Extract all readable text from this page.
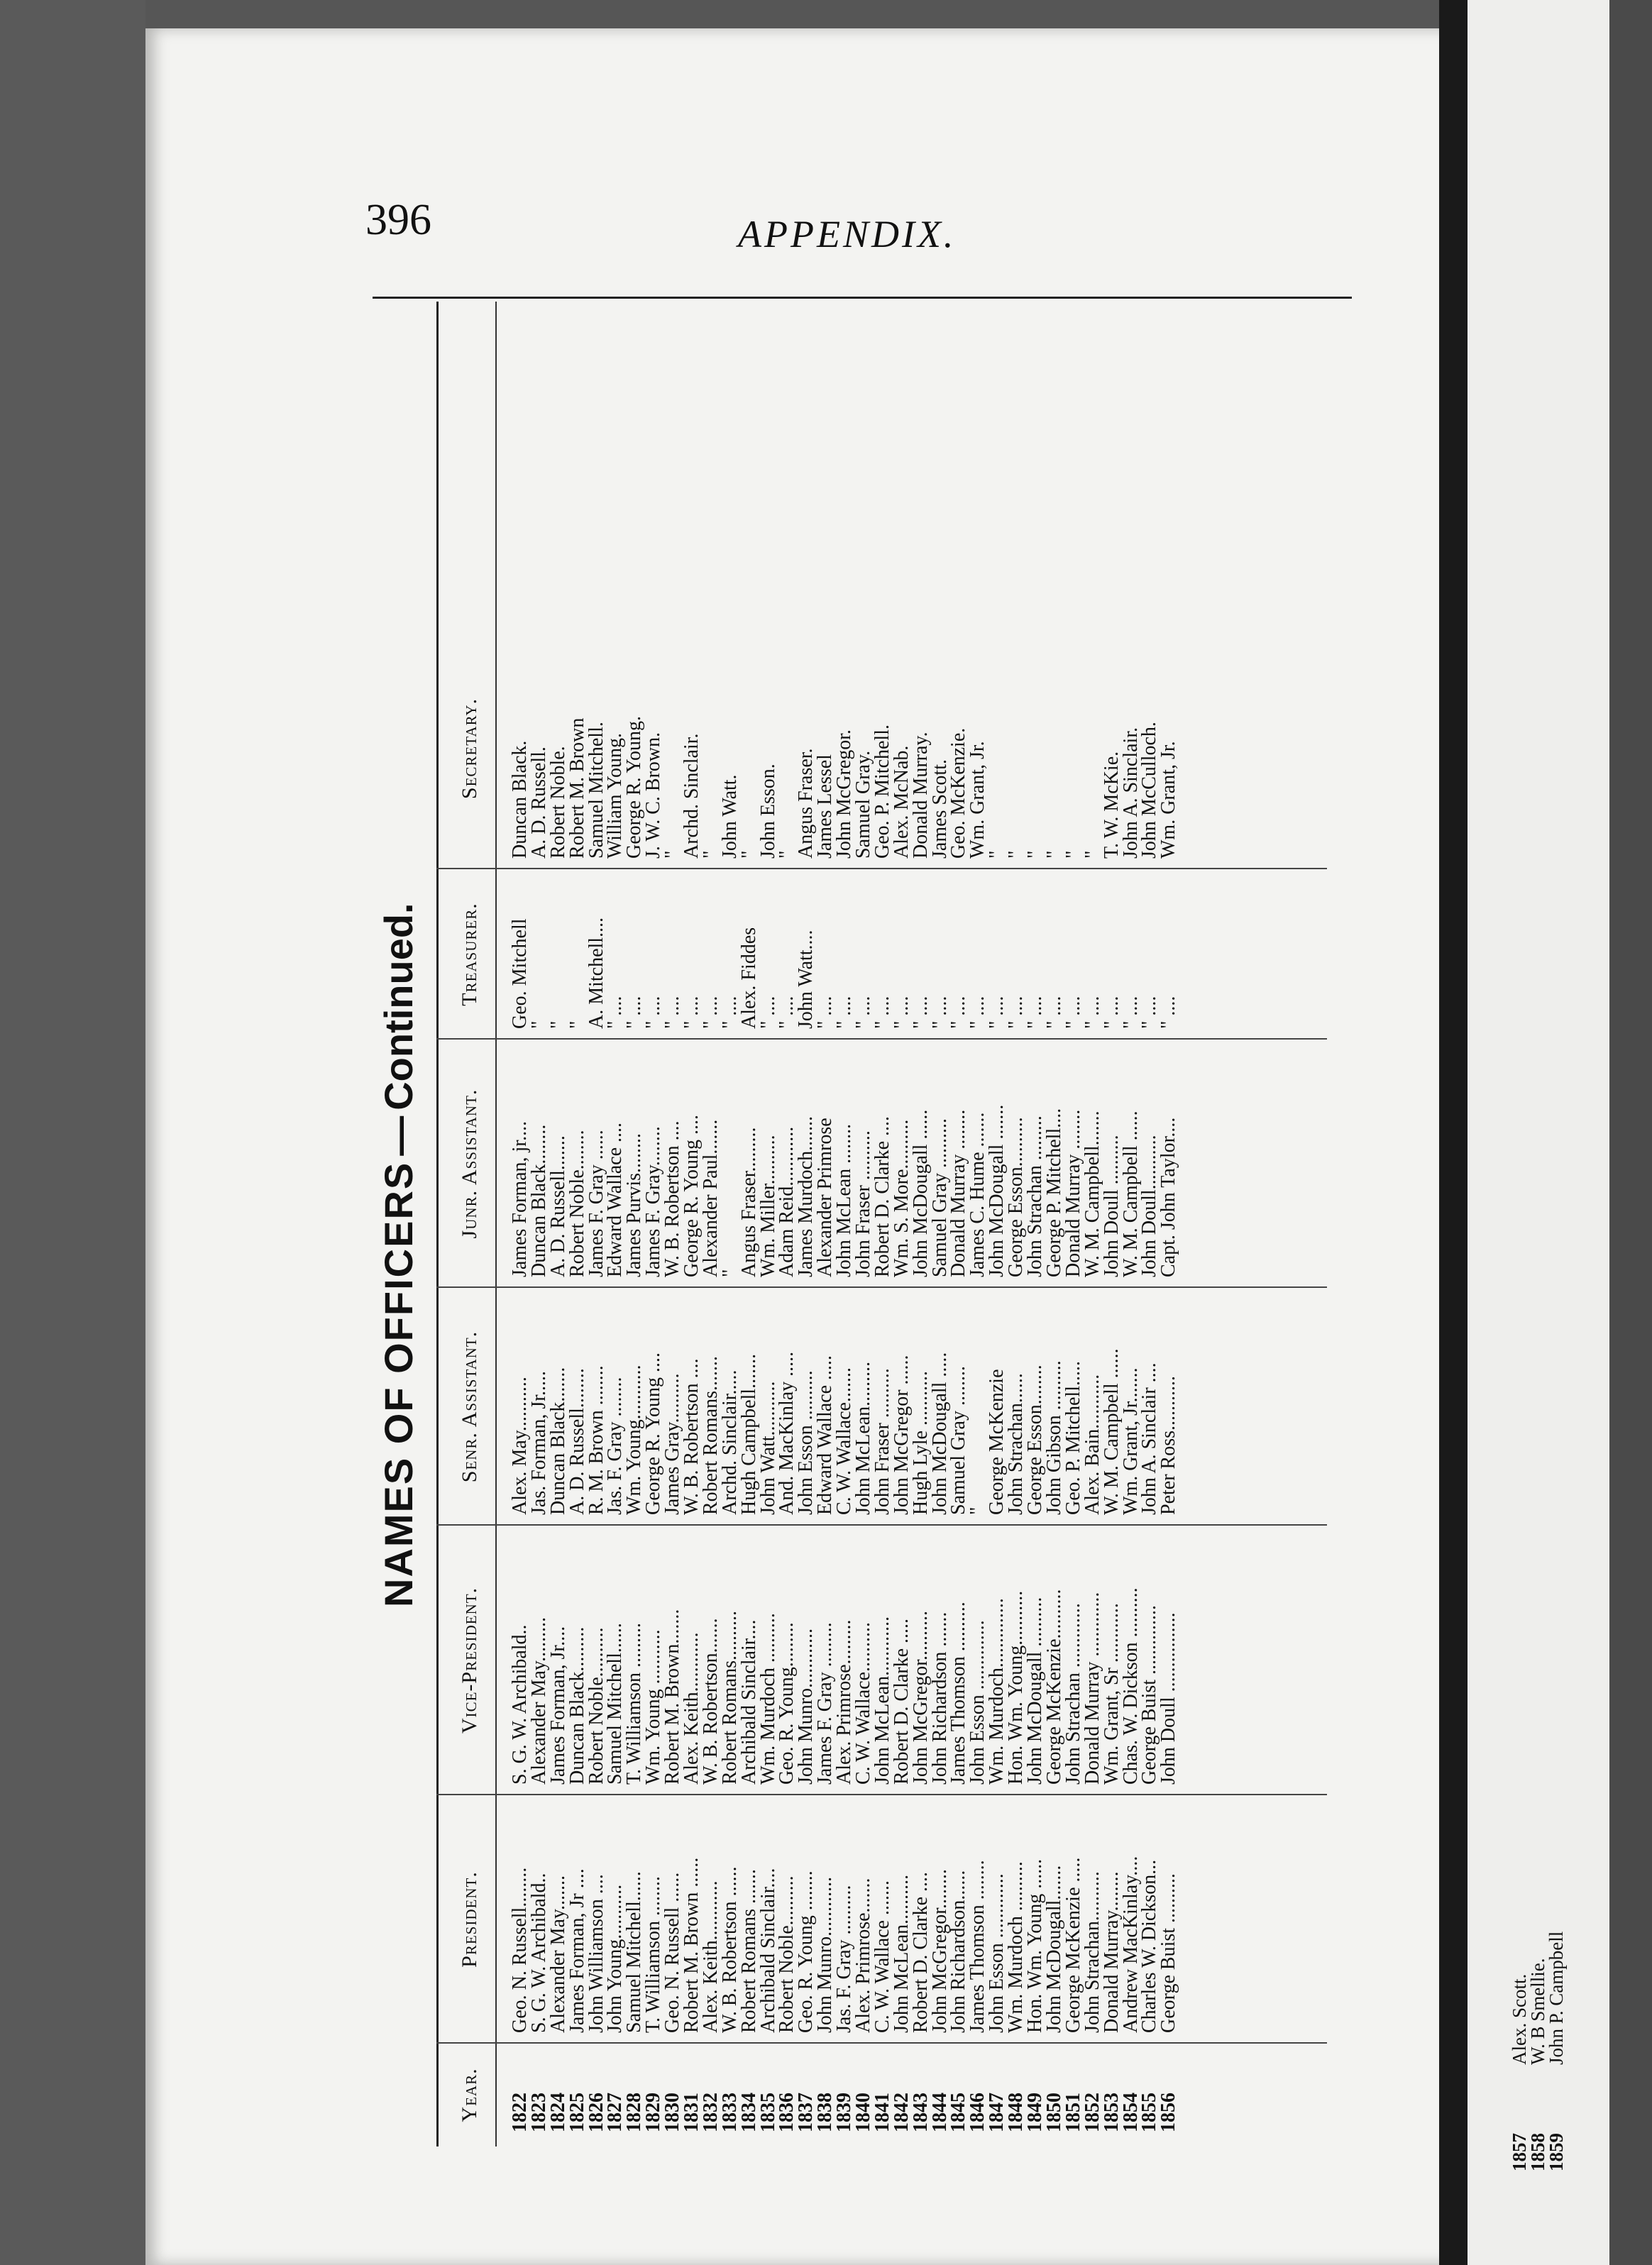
396	APPENDIX.
NAMES OF OFFICERS—Continued.
Year.
President.
Vice-President.
Senr. Assistant.
Junr. Assistant.
Treasurer.
Secretary.
1822
1823
1824
1825
1826
1827
1828
1829
1830
1831
1832
1833
1834
1835
1836
1837
1838
1839
1840
1841
1842
1843
1844
1845
1846
1847
1848
1849
1850
1851
1852
1853
1854
1855
1856
Geo. N. Russell........
S. G. W. Archibald..
Alexander May.......
James Forman, Jr ....
John Williamson ....
John Young...........
Samuel Mitchell......
T. Williamson ........
Geo. N. Russell ......
Robert M. Brown ......
Alex. Keith............
W. B. Robertson ......
Robert Romans .......
Archibald Sinclair....
Robert Noble..........
Geo. R. Young ........
John Munro............
Jas. F. Gray ..........
Alex. Primrose.......
C. W. Wallace .......
John McLean..........
Robert D. Clarke ....
John McGregor........
John Richardson......
James Thomson ........
John Esson .............
Wm. Murdoch ..........
Hon. Wm. Young ......
John McDougall.......
George McKenzie .....
John Strachan..........
Donald Murray........
Andrew MacKinlay....
Charles W. Dickson...
George Buist ..........
S. G. W. Archibald..
Alexander May.........
James Forman, Jr....
Duncan Black.........
Robert Noble..........
Samuel Mitchell......
T. Williamson .........
Wm. Young ...........
Robert M. Brown.......
Alex. Keith............
W. B. Robertson.......
Robert Romans..........
Archibald Sinclair....
Wm. Murdoch ..........
Geo. R. Young.........
John Munro............
James F. Gray .........
Alex. Primrose.........
C. W. Wallace..........
John McLean............
Robert D. Clarke .....
John McGregor..........
John Richardson .......
James Thomson ..........
John Esson ..............
Wm. Murdoch..............
Hon. Wm. Young...........
John McDougall ..........
George McKenzie..........
John Strachan .............
Donald Murray .............
Wm. Grant, Sr ............
Chas. W. Dickson ..........
George Buist ..............
John Doull ................
Alex. May...........
Jas. Forman, Jr.....
Duncan Black.......
A. D. Russell........
R. M. Brown ........
Jas. F. Gray ........
Wm. Young...........
George R. Young ....
James Gray..........
W. B. Robertson ....
Robert Romans.......
Archd. Sinclair.....
Hugh Campbell.......
John Watt...........
And. MacKinlay .....
John Esson ..........
Edward Wallace .....
C. W. Wallace.......
John McLean.........
John Fraser ..........
John McGregor ......
Hugh Lyle ...........
John McDougall .....
Samuel Gray ........
"
George McKenzie
John Strachan......
George Esson........
John Gibson ..........
Geo. P. Mitchell.....
Alex. Bain...........
W. M. Campbell ......
Wm. Grant, Jr.......
John A. Sinclair ....
Peter Ross...........
James Forman, jr....
Duncan Black........
A. D. Russell.......
Robert Noble........
James F. Gray ......
Edward Wallace ....
James Purvis........
James F. Gray........
W. B. Robertson ....
George R. Young ....
Alexander Paul.......
"
Angus Fraser.........
Wm. Miller..........
Adam Reid............
James Murdoch.......
Alexander Primrose
John McLean ........
John Fraser ..........
Robert D. Clarke ....
Wm. S. More..........
John McDougall ......
Samuel Gray ..........
Donald Murray ........
James C. Hume .......
John McDougall .......
George Esson..........
John Strachan .........
George P. Mitchell....
Donald Murray ........
W. M. Campbell.......
John Doull ..........
W. M. Campbell ......
John Doull...........
Capt. John Taylor....
Geo. Mitchell
"
"
"
A. Mitchell....
" ....
" ....
" ....
" ....
" ....
" ....
" ....
Alex. Fiddes
" ....
" ....
John Watt....
" ....
" ....
" ....
" ....
" ....
" ....
" ....
" ....
" ....
" ....
" ....
" ....
" ....
" ....
" ....
" ....
" ....
" ....
" ....
Duncan Black.
A. D. Russell.
Robert Noble.
Robert M. Brown
Samuel Mitchell.
William Young.
George R. Young.
J. W. C. Brown.
"
Archd. Sinclair.
"
John Watt.
"
John Esson.
"
Angus Fraser.
James Lessel
John McGregor.
Samuel Gray.
Geo. P. Mitchell.
Alex. McNab.
Donald Murray.
James Scott.
Geo. McKenzie.
Wm. Grant, Jr.
"
"
"
"
"
"
T. W. McKie.
John A. Sinclair.
John McCulloch.
Wm. Grant, Jr.
1857
1858
1859
Alex. Scott.
W. B Smellie.
John P. Campbell
